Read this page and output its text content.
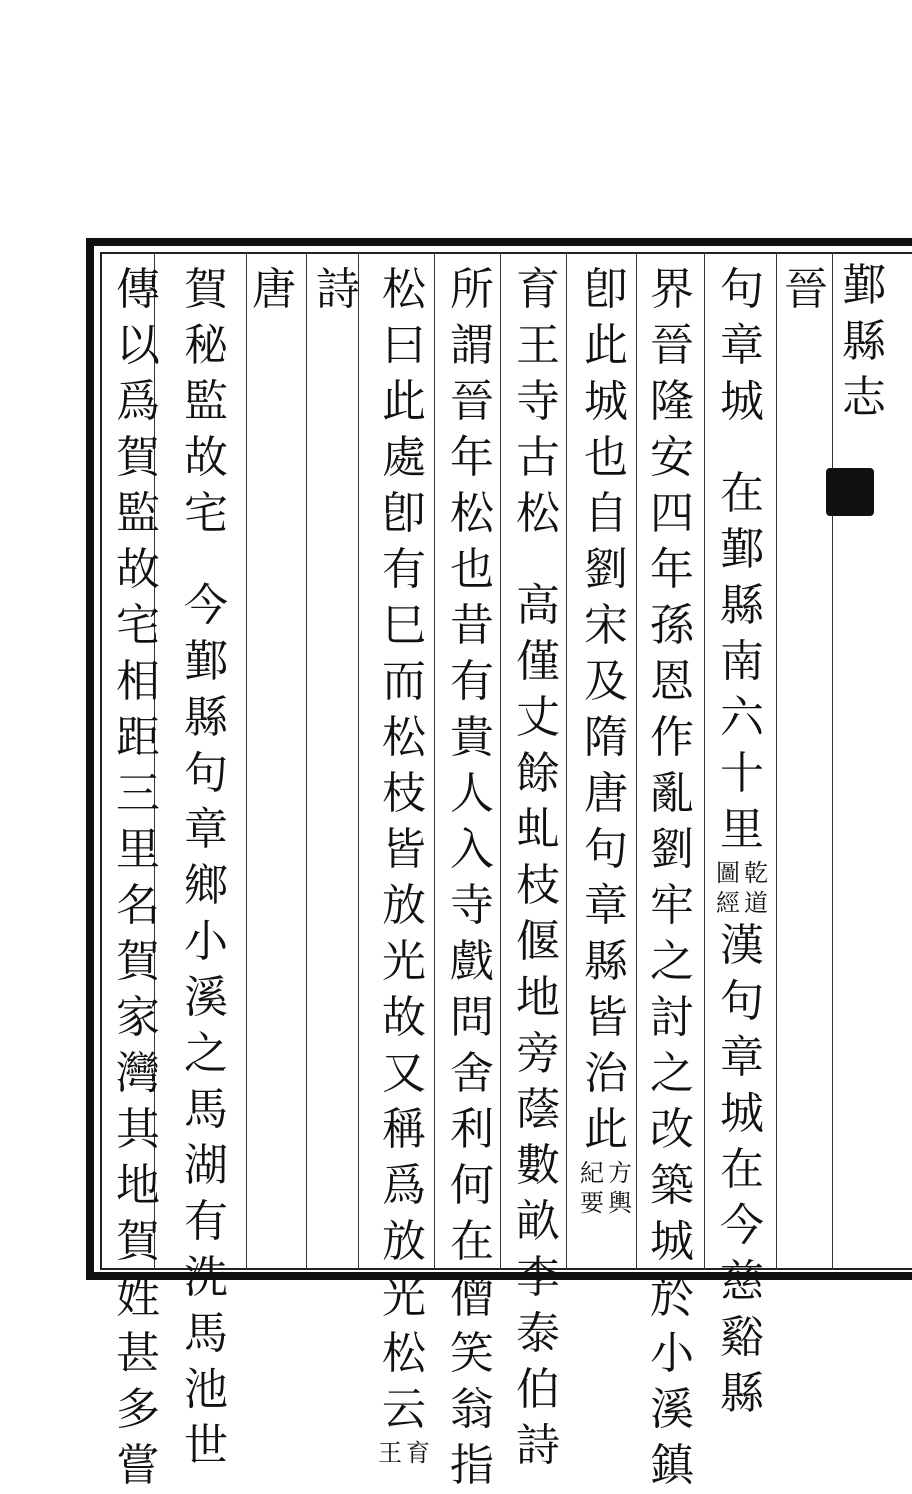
鄞
縣
志
晉
句
章
城
在
鄞
縣
南
六
十
里
乾
道
圖
經
漢
句
章
城
在
今
慈
谿
縣
界
晉
隆
安
四
年
孫
恩
作
亂
劉
牢
之
討
之
改
築
城
於
小
溪
鎮
卽
此
城
也
自
劉
宋
及
隋
唐
句
章
縣
皆
治
此
方
輿
紀
要
育
王
寺
古
松
高
僅
丈
餘
虬
枝
偃
地
旁
蔭
數
畝
李
泰
伯
詩
所
謂
晉
年
松
也
昔
有
貴
人
入
寺
戲
問
舍
利
何
在
僧
笑
翁
指
松
曰
此
處
卽
有
巳
而
松
枝
皆
放
光
故
又
稱
爲
放
光
松
云
育
王
詩
唐
賀
秘
監
故
宅
今
鄞
縣
句
章
鄉
小
溪
之
馬
湖
有
洗
馬
池
世
傳
以
爲
賀
監
故
宅
相
距
三
里
名
賀
家
灣
其
地
賀
姓
甚
多
嘗
